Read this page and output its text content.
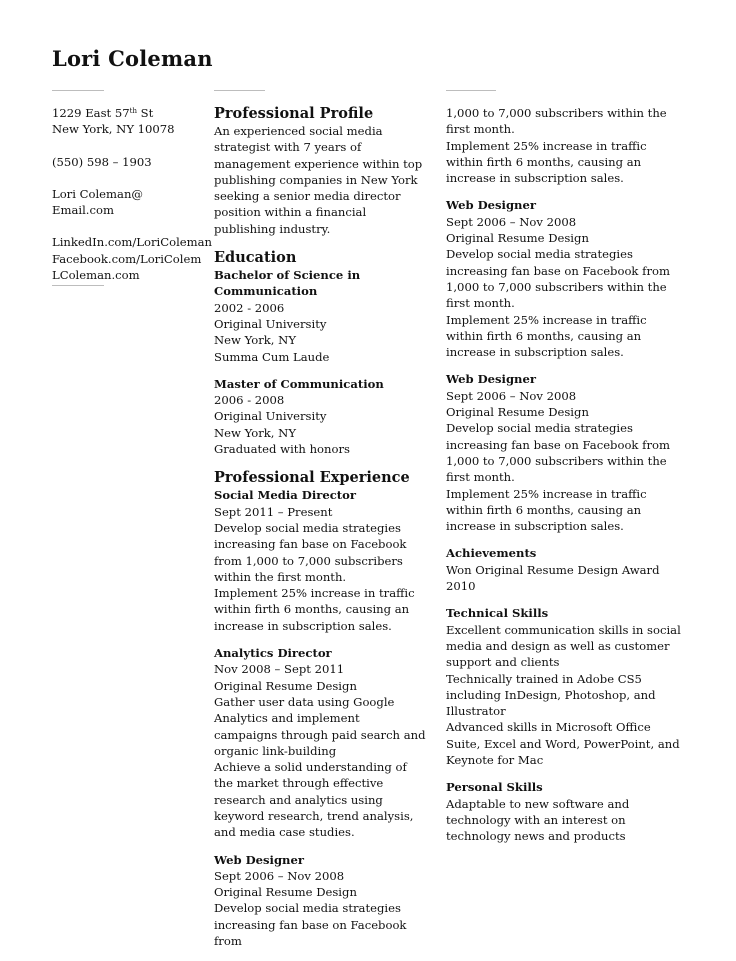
Lori Coleman

1229 East 57th St

New York, NY 10078

(550) 598 – 1903

Lori Coleman@ Email.com

LinkedIn.com/LoriColeman

Facebook.com/LoriColem

LColeman.com

Professional Profile

An experienced social media strategist with 7 years of management experience within top publishing companies in New York seeking a senior media director position within a financial publishing industry.

Education

Bachelor of Science in Communication

2002 - 2006
Original University
New York, NY
Summa Cum Laude

Master of Communication

2006 - 2008
Original University
New York, NY
Graduated with honors

Professional Experience

Social Media Director

Sept 2011 – Present
Develop social media strategies increasing fan base on Facebook from 1,000 to 7,000 subscribers within the first month.
Implement 25% increase in traffic within firth 6 months, causing an increase in subscription sales.

Analytics Director

Nov 2008 – Sept 2011
Original Resume Design
Gather user data using Google Analytics and implement campaigns through paid search and organic link-building
Achieve a solid understanding of the market through effective research and analytics using keyword research, trend analysis, and media case studies.

Web Designer

Sept 2006 – Nov 2008
Original Resume Design
Develop social media strategies increasing fan base on Facebook from

1,000 to 7,000 subscribers within the first month.
Implement 25% increase in traffic within firth 6 months, causing an increase in subscription sales.

Web Designer

Sept 2006 – Nov 2008
Original Resume Design
Develop social media strategies increasing fan base on Facebook from 1,000 to 7,000 subscribers within the first month.
Implement 25% increase in traffic within firth 6 months, causing an increase in subscription sales.

Web Designer

Sept 2006 – Nov 2008
Original Resume Design
Develop social media strategies increasing fan base on Facebook from 1,000 to 7,000 subscribers within the first month.
Implement 25% increase in traffic within firth 6 months, causing an increase in subscription sales.

Achievements

Won Original Resume Design Award
2010

Technical Skills

Excellent communication skills in social media and design as well as customer support and clients
Technically trained in Adobe CS5 including InDesign, Photoshop, and Illustrator
Advanced skills in Microsoft Office Suite, Excel and Word, PowerPoint, and Keynote for Mac

Personal Skills

Adaptable to new software and technology with an interest on technology news and products
